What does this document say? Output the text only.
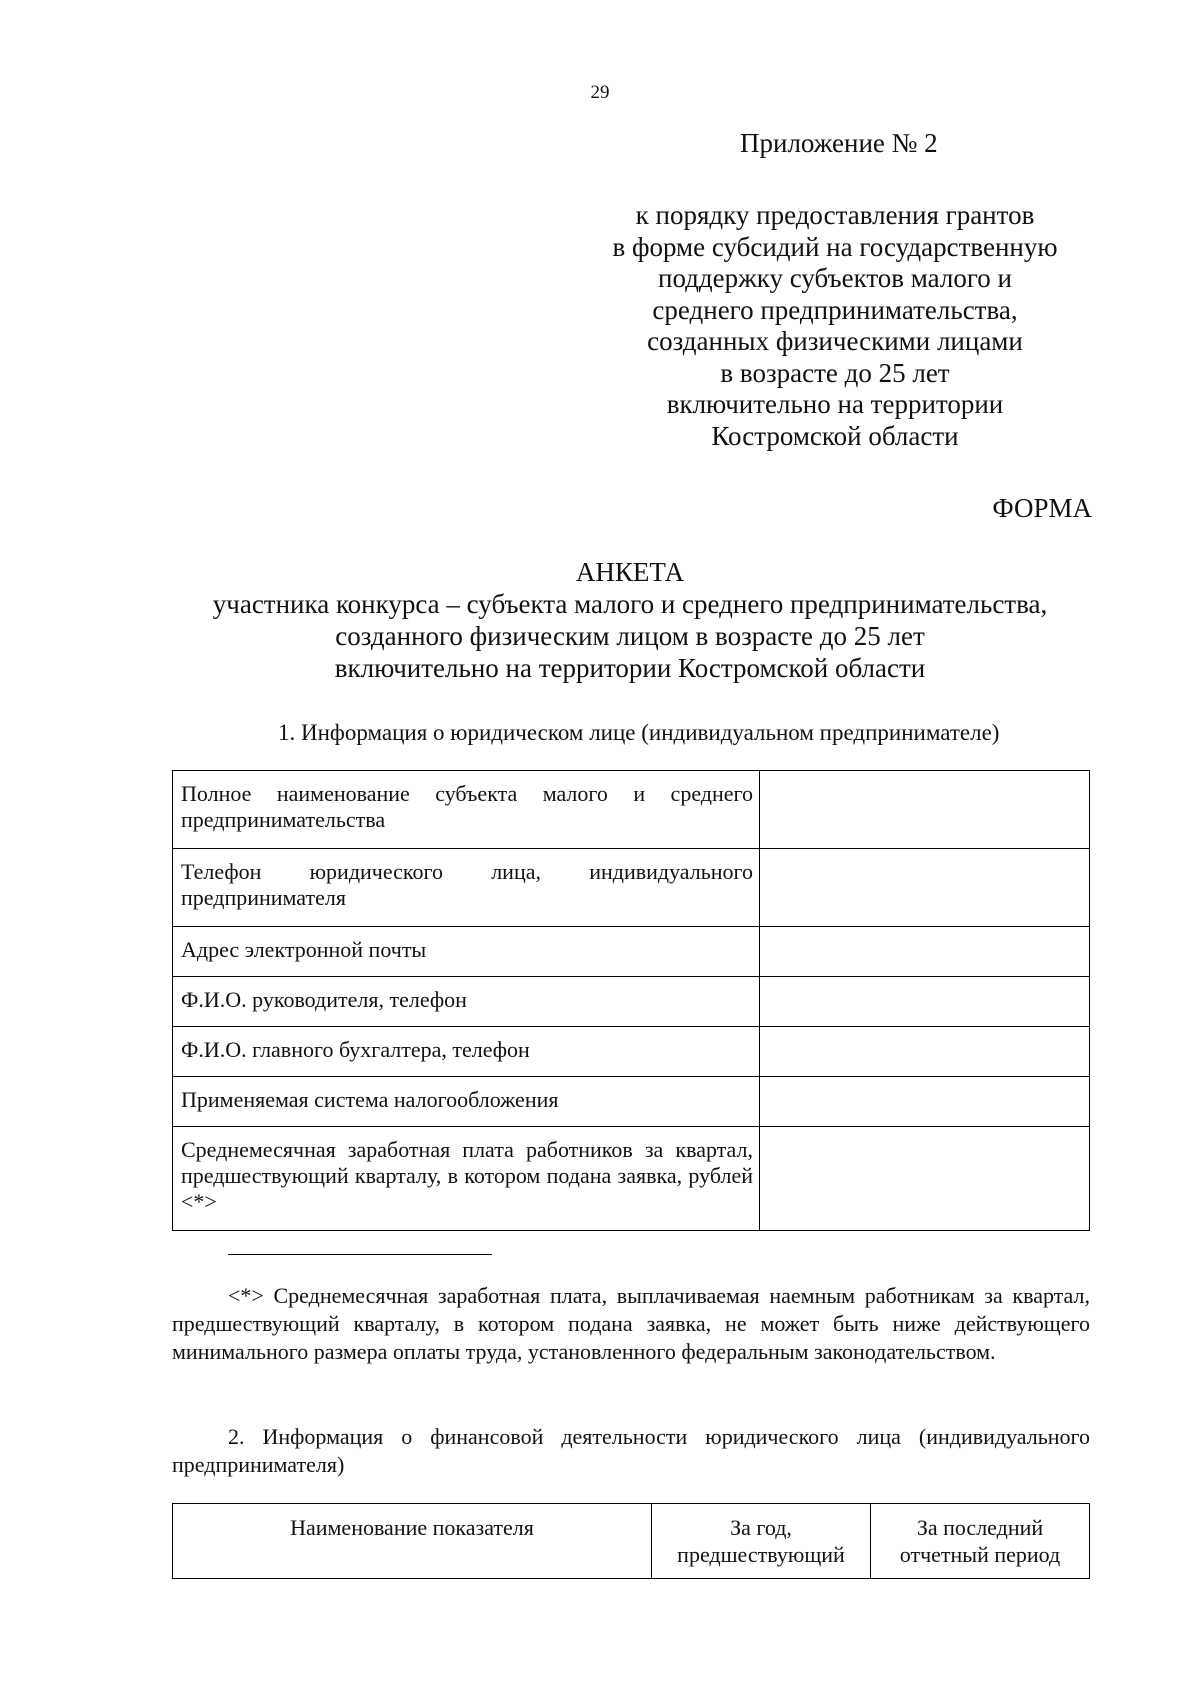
29
Приложение № 2
к порядку предоставления грантов
в форме субсидий на государственную
поддержку субъектов малого и
среднего предпринимательства,
созданных физическими лицами
в возрасте до 25 лет
включительно на территории
Костромской области
ФОРМА
АНКЕТА
участника конкурса – субъекта малого и среднего предпринимательства,
созданного физическим лицом в возрасте до 25 лет
включительно на территории Костромской области
1. Информация о юридическом лице (индивидуальном предпринимателе)
Полное наименование субъекта малого и среднего предпринимательства	
Телефон юридического лица, индивидуального предпринимателя	
Адрес электронной почты	
Ф.И.О. руководителя, телефон	
Ф.И.О. главного бухгалтера, телефон	
Применяемая система налогообложения	
Среднемесячная заработная плата работников за квартал, предшествующий кварталу, в котором подана заявка, рублей <*>	
<*> Среднемесячная заработная плата, выплачиваемая наемным работникам за квартал, предшествующий кварталу, в котором подана заявка, не может быть ниже действующего минимального размера оплаты труда, установленного федеральным законодательством.
2. Информация о финансовой деятельности юридического лица (индивидуального предпринимателя)
Наименование показателя	За год, предшествующий	За последний отчетный период
